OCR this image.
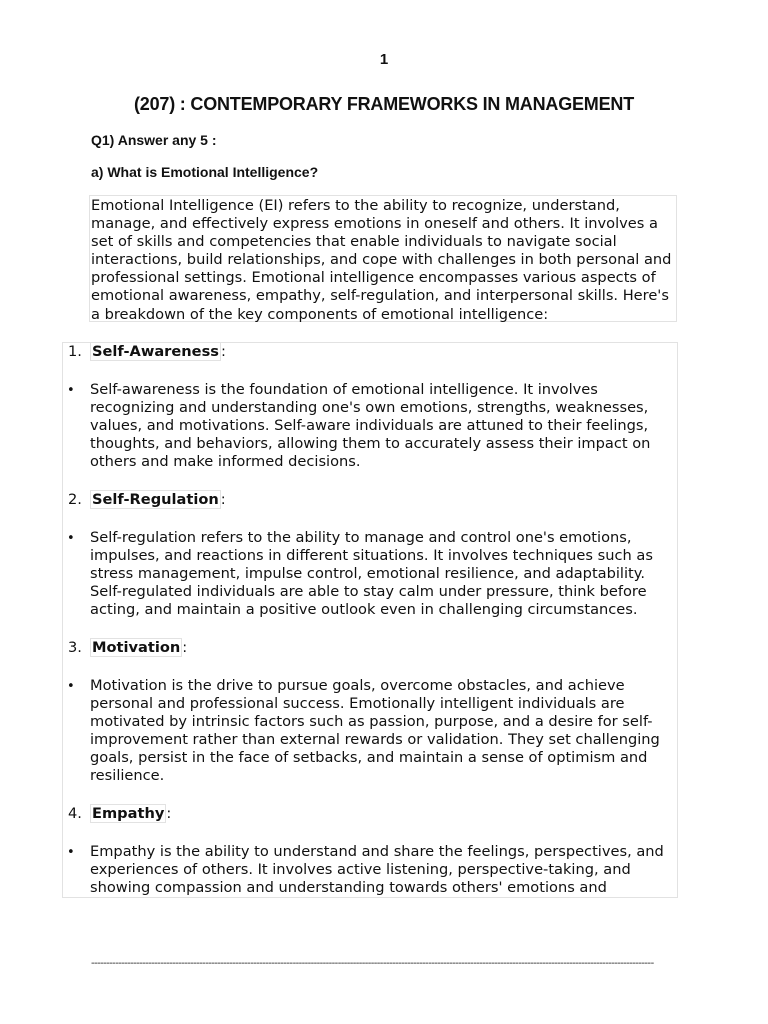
1
(207) : CONTEMPORARY FRAMEWORKS IN MANAGEMENT
Q1) Answer any 5 :
a) What is Emotional Intelligence?
Emotional Intelligence (EI) refers to the ability to recognize, understand, manage, and effectively express emotions in oneself and others. It involves a set of skills and competencies that enable individuals to navigate social interactions, build relationships, and cope with challenges in both personal and professional settings. Emotional intelligence encompasses various aspects of emotional awareness, empathy, self-regulation, and interpersonal skills. Here's a breakdown of the key components of emotional intelligence:
1. Self-Awareness :
• Self-awareness is the foundation of emotional intelligence. It involves recognizing and understanding one's own emotions, strengths, weaknesses, values, and motivations. Self-aware individuals are attuned to their feelings, thoughts, and behaviors, allowing them to accurately assess their impact on others and make informed decisions.
2. Self-Regulation :
• Self-regulation refers to the ability to manage and control one's emotions, impulses, and reactions in different situations. It involves techniques such as stress management, impulse control, emotional resilience, and adaptability. Self-regulated individuals are able to stay calm under pressure, think before acting, and maintain a positive outlook even in challenging circumstances.
3. Motivation :
• Motivation is the drive to pursue goals, overcome obstacles, and achieve personal and professional success. Emotionally intelligent individuals are motivated by intrinsic factors such as passion, purpose, and a desire for self-improvement rather than external rewards or validation. They set challenging goals, persist in the face of setbacks, and maintain a sense of optimism and resilience.
4. Empathy :
• Empathy is the ability to understand and share the feelings, perspectives, and experiences of others. It involves active listening, perspective-taking, and showing compassion and understanding towards others' emotions and
-------------------------------------------------------------------------------------------------------------------------------------------------------------------------------------------
